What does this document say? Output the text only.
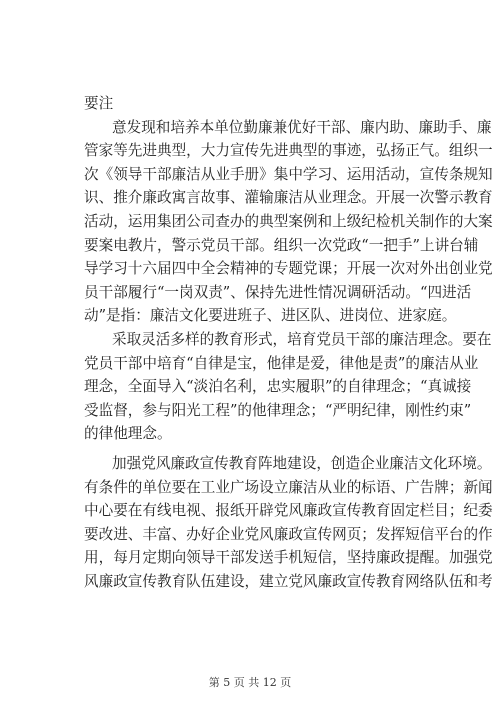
要注
意发现和培养本单位勤廉兼优好干部、廉内助、廉助手、廉
管家等先进典型，大力宣传先进典型的事迹，弘扬正气。组织一
次《领导干部廉洁从业手册》集中学习、运用活动，宣传条规知
识、推介廉政寓言故事、灌输廉洁从业理念。开展一次警示教育
活动，运用集团公司查办的典型案例和上级纪检机关制作的大案
要案电教片，警示党员干部。组织一次党政“一把手”上讲台辅
导学习十六届四中全会精神的专题党课；开展一次对外出创业党
员干部履行“一岗双责”、保持先进性情况调研活动。“四进活
动”是指：廉洁文化要进班子、进区队、进岗位、进家庭。
采取灵活多样的教育形式，培育党员干部的廉洁理念。要在
党员干部中培育“自律是宝，他律是爱，律他是责”的廉洁从业
理念，全面导入“淡泊名利，忠实履职”的自律理念；“真诚接
受监督，参与阳光工程”的他律理念；“严明纪律，刚性约束”
的律他理念。
加强党风廉政宣传教育阵地建设，创造企业廉洁文化环境。
有条件的单位要在工业广场设立廉洁从业的标语、广告牌；新闻
中心要在有线电视、报纸开辟党风廉政宣传教育固定栏目；纪委
要改进、丰富、办好企业党风廉政宣传网页；发挥短信平台的作
用，每月定期向领导干部发送手机短信，坚持廉政提醒。加强党
风廉政宣传教育队伍建设，建立党风廉政宣传教育网络队伍和考
第 5 页 共 12 页
